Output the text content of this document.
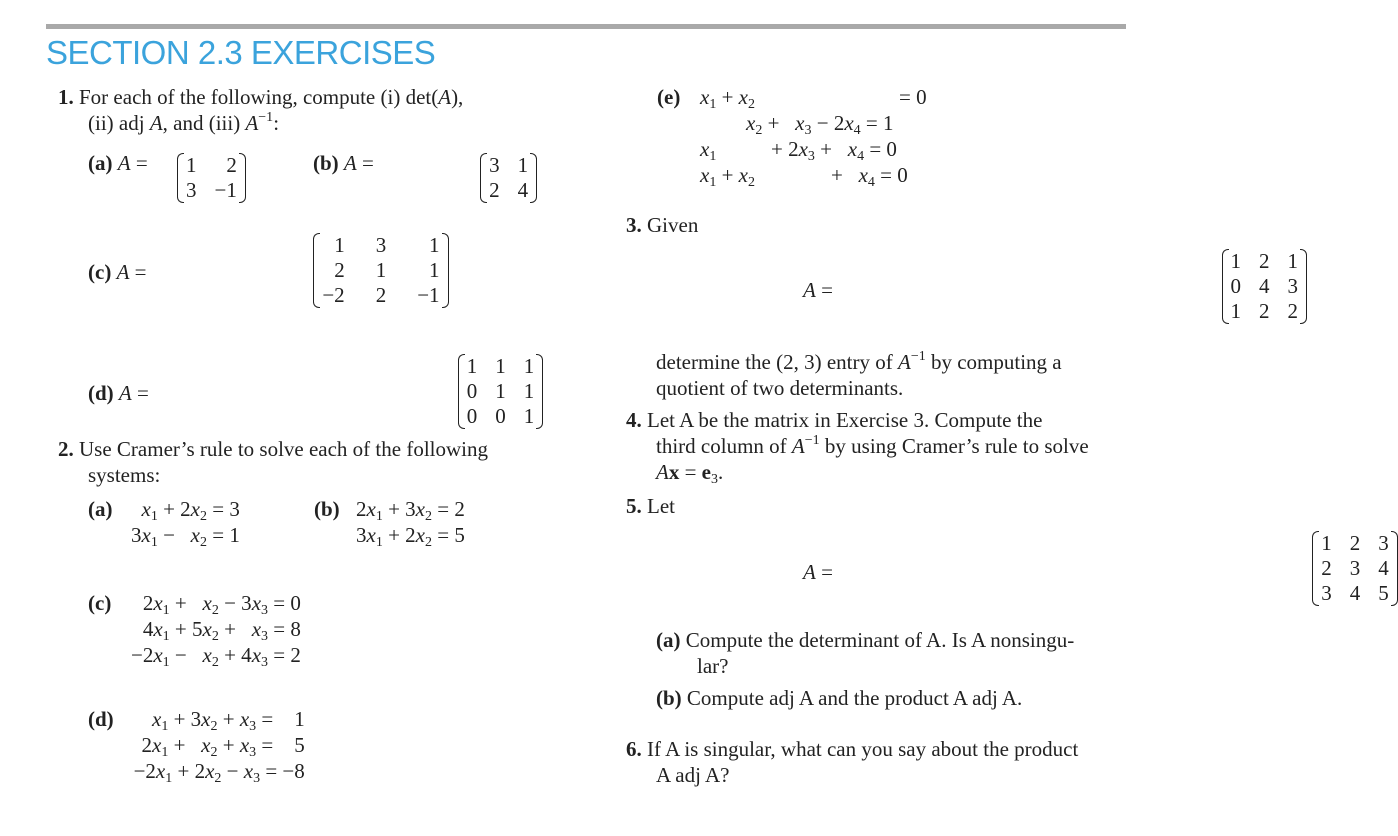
SECTION 2.3 EXERCISES
1. For each of the following, compute (i) det(A),
(ii) adj A, and (iii) $A^{-1}$:
(a) A = 1	2
3	−1

(b) A =	3	1
2	4

(c) A =
1	3	1
2	1	1
−2	2	−1

(d) A =
1	1	1
0	1	1
0	0	1

2. Use Cramer’s rule to solve each of the following
systems:
(a) $x_1 + 2x_2 = 3$
$3x_1 - x_2 = 1$
(b) $2x_1 + 3x_2 = 2$
$3x_1 + 2x_2 = 5$
(c) $2x_1 + x_2 - 3x_3 = 0$
$4x_1 + 5x_2 + x_3 = 8$
$-2x_1 - x_2 + 4x_3 = 2$
(d) $x_1 + 3x_2 + x_3$ =    1
$2x_1 + x_2 + x_3$ =    5
$-2x_1 + 2x_2 - x_3 = -8$
(e) $x_1 + x_2$	= 0
$x_2 + x_3 - 2x_4 = 1$
$x_1$	+ $2x_3 + x_4 = 0$
$x_1 + x_2$	+   $x_4 = 0$
3. Given
A =
1	2	1
0	4	3
1	2	2

determine the (2, 3) entry of $A^{-1}$ by computing a
quotient of two determinants.
4. Let A be the matrix in Exercise 3. Compute the
third column of $A^{-1}$ by using Cramer’s rule to solve
$Ax = e_3$.
5. Let
A =
1	2	3
2	3	4
3	4	5
(a) Compute the determinant of A. Is A nonsingu-
lar?
(b) Compute adj A and the product A adj A.
6. If A is singular, what can you say about the product
A adj A?
